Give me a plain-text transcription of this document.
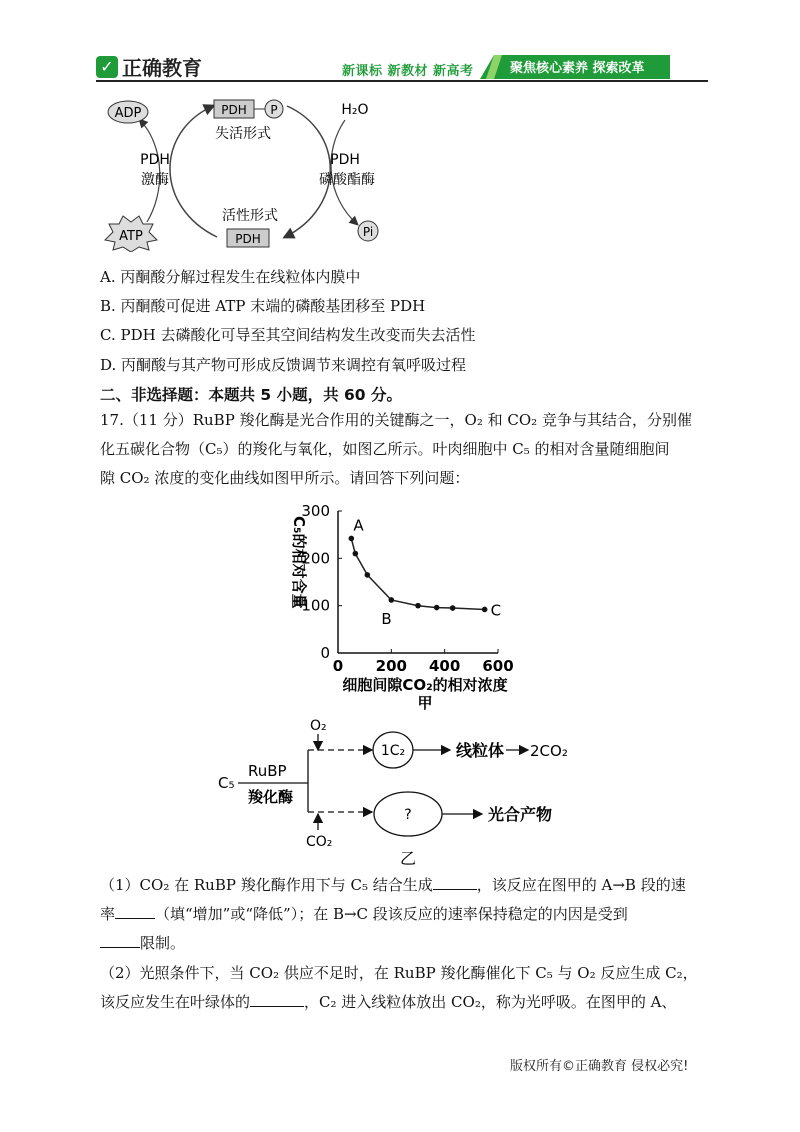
✓ 正确教育	新课标 新教材 新高考	聚焦核心素养 探索改革
ADP
ATP
PDH P
失活形式
活性形式
PDH
PDH
激酶
H₂O
PDH
磷酸酯酶
Pi
A. 丙酮酸分解过程发生在线粒体内膜中
B. 丙酮酸可促进 ATP 末端的磷酸基团移至 PDH
C. PDH 去磷酸化可导至其空间结构发生改变而失去活性
D. 丙酮酸与其产物可形成反馈调节来调控有氧呼吸过程
二、非选择题：本题共 5 小题，共 60 分。
17.（11 分）RuBP 羧化酶是光合作用的关键酶之一，O₂ 和 CO₂ 竞争与其结合，分别催
化五碳化合物（C₅）的羧化与氧化，如图乙所示。叶肉细胞中 C₅ 的相对含量随细胞间
隙 CO₂ 浓度的变化曲线如图甲所示。请回答下列问题：
0 200 400 600
0
100
200
300
A
B	C
细胞间隙CO₂的相对浓度
甲
C₅的相对含量
C₅
RuBP
羧化酶
O₂
1C₂	线粒体 2CO₂
CO₂
?	光合产物
乙
（1）CO₂ 在 RuBP 羧化酶作用下与 C₅ 结合生成	，该反应在图甲的 A→B 段的速
率	（填“增加”或“降低”）；在 B→C 段该反应的速率保持稳定的内因是受到
限制。
（2）光照条件下，当 CO₂ 供应不足时，在 RuBP 羧化酶催化下 C₅ 与 O₂ 反应生成 C₂，
该反应发生在叶绿体的	，C₂ 进入线粒体放出 CO₂，称为光呼吸。在图甲的 A、
版权所有©正确教育 侵权必究!
